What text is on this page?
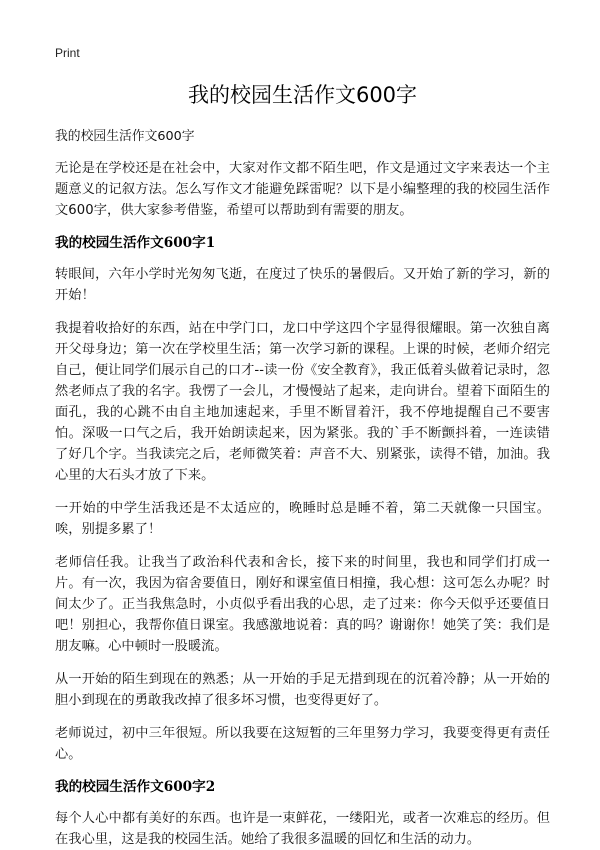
Print
我的校园生活作文600字
我的校园生活作文600字

无论是在学校还是在社会中，大家对作文都不陌生吧，作文是通过文字来表达一个主题意义的记叙方法。怎么写作文才能避免踩雷呢？以下是小编整理的我的校园生活作文600字，供大家参考借鉴，希望可以帮助到有需要的朋友。

我的校园生活作文600字1

转眼间，六年小学时光匆匆飞逝，在度过了快乐的暑假后。又开始了新的学习，新的开始！

我提着收拾好的东西，站在中学门口，龙口中学这四个字显得很耀眼。第一次独自离开父母身边；第一次在学校里生活；第一次学习新的课程。上课的时候，老师介绍完自己，便让同学们展示自己的口才--读一份《安全教育》，我正低着头做着记录时，忽然老师点了我的名字。我愣了一会儿，才慢慢站了起来，走向讲台。望着下面陌生的面孔，我的心跳不由自主地加速起来，手里不断冒着汗，我不停地提醒自己不要害怕。深吸一口气之后，我开始朗读起来，因为紧张。我的`手不断颤抖着，一连读错了好几个字。当我读完之后，老师微笑着：声音不大、别紧张，读得不错，加油。我心里的大石头才放了下来。

一开始的中学生活我还是不太适应的，晚睡时总是睡不着，第二天就像一只国宝。唉，别提多累了！

老师信任我。让我当了政治科代表和舍长，接下来的时间里，我也和同学们打成一片。有一次，我因为宿舍要值日，刚好和课室值日相撞，我心想：这可怎么办呢？时间太少了。正当我焦急时，小贞似乎看出我的心思，走了过来：你今天似乎还要值日吧！别担心，我帮你值日课室。我感激地说着：真的吗？谢谢你！她笑了笑：我们是朋友嘛。心中顿时一股暖流。

从一开始的陌生到现在的熟悉；从一开始的手足无措到现在的沉着冷静；从一开始的胆小到现在的勇敢我改掉了很多坏习惯，也变得更好了。

老师说过，初中三年很短。所以我要在这短暂的三年里努力学习，我要变得更有责任心。

我的校园生活作文600字2

每个人心中都有美好的东西。也许是一束鲜花，一缕阳光，或者一次难忘的经历。但在我心里，这是我的校园生活。她给了我很多温暖的回忆和生活的动力。
